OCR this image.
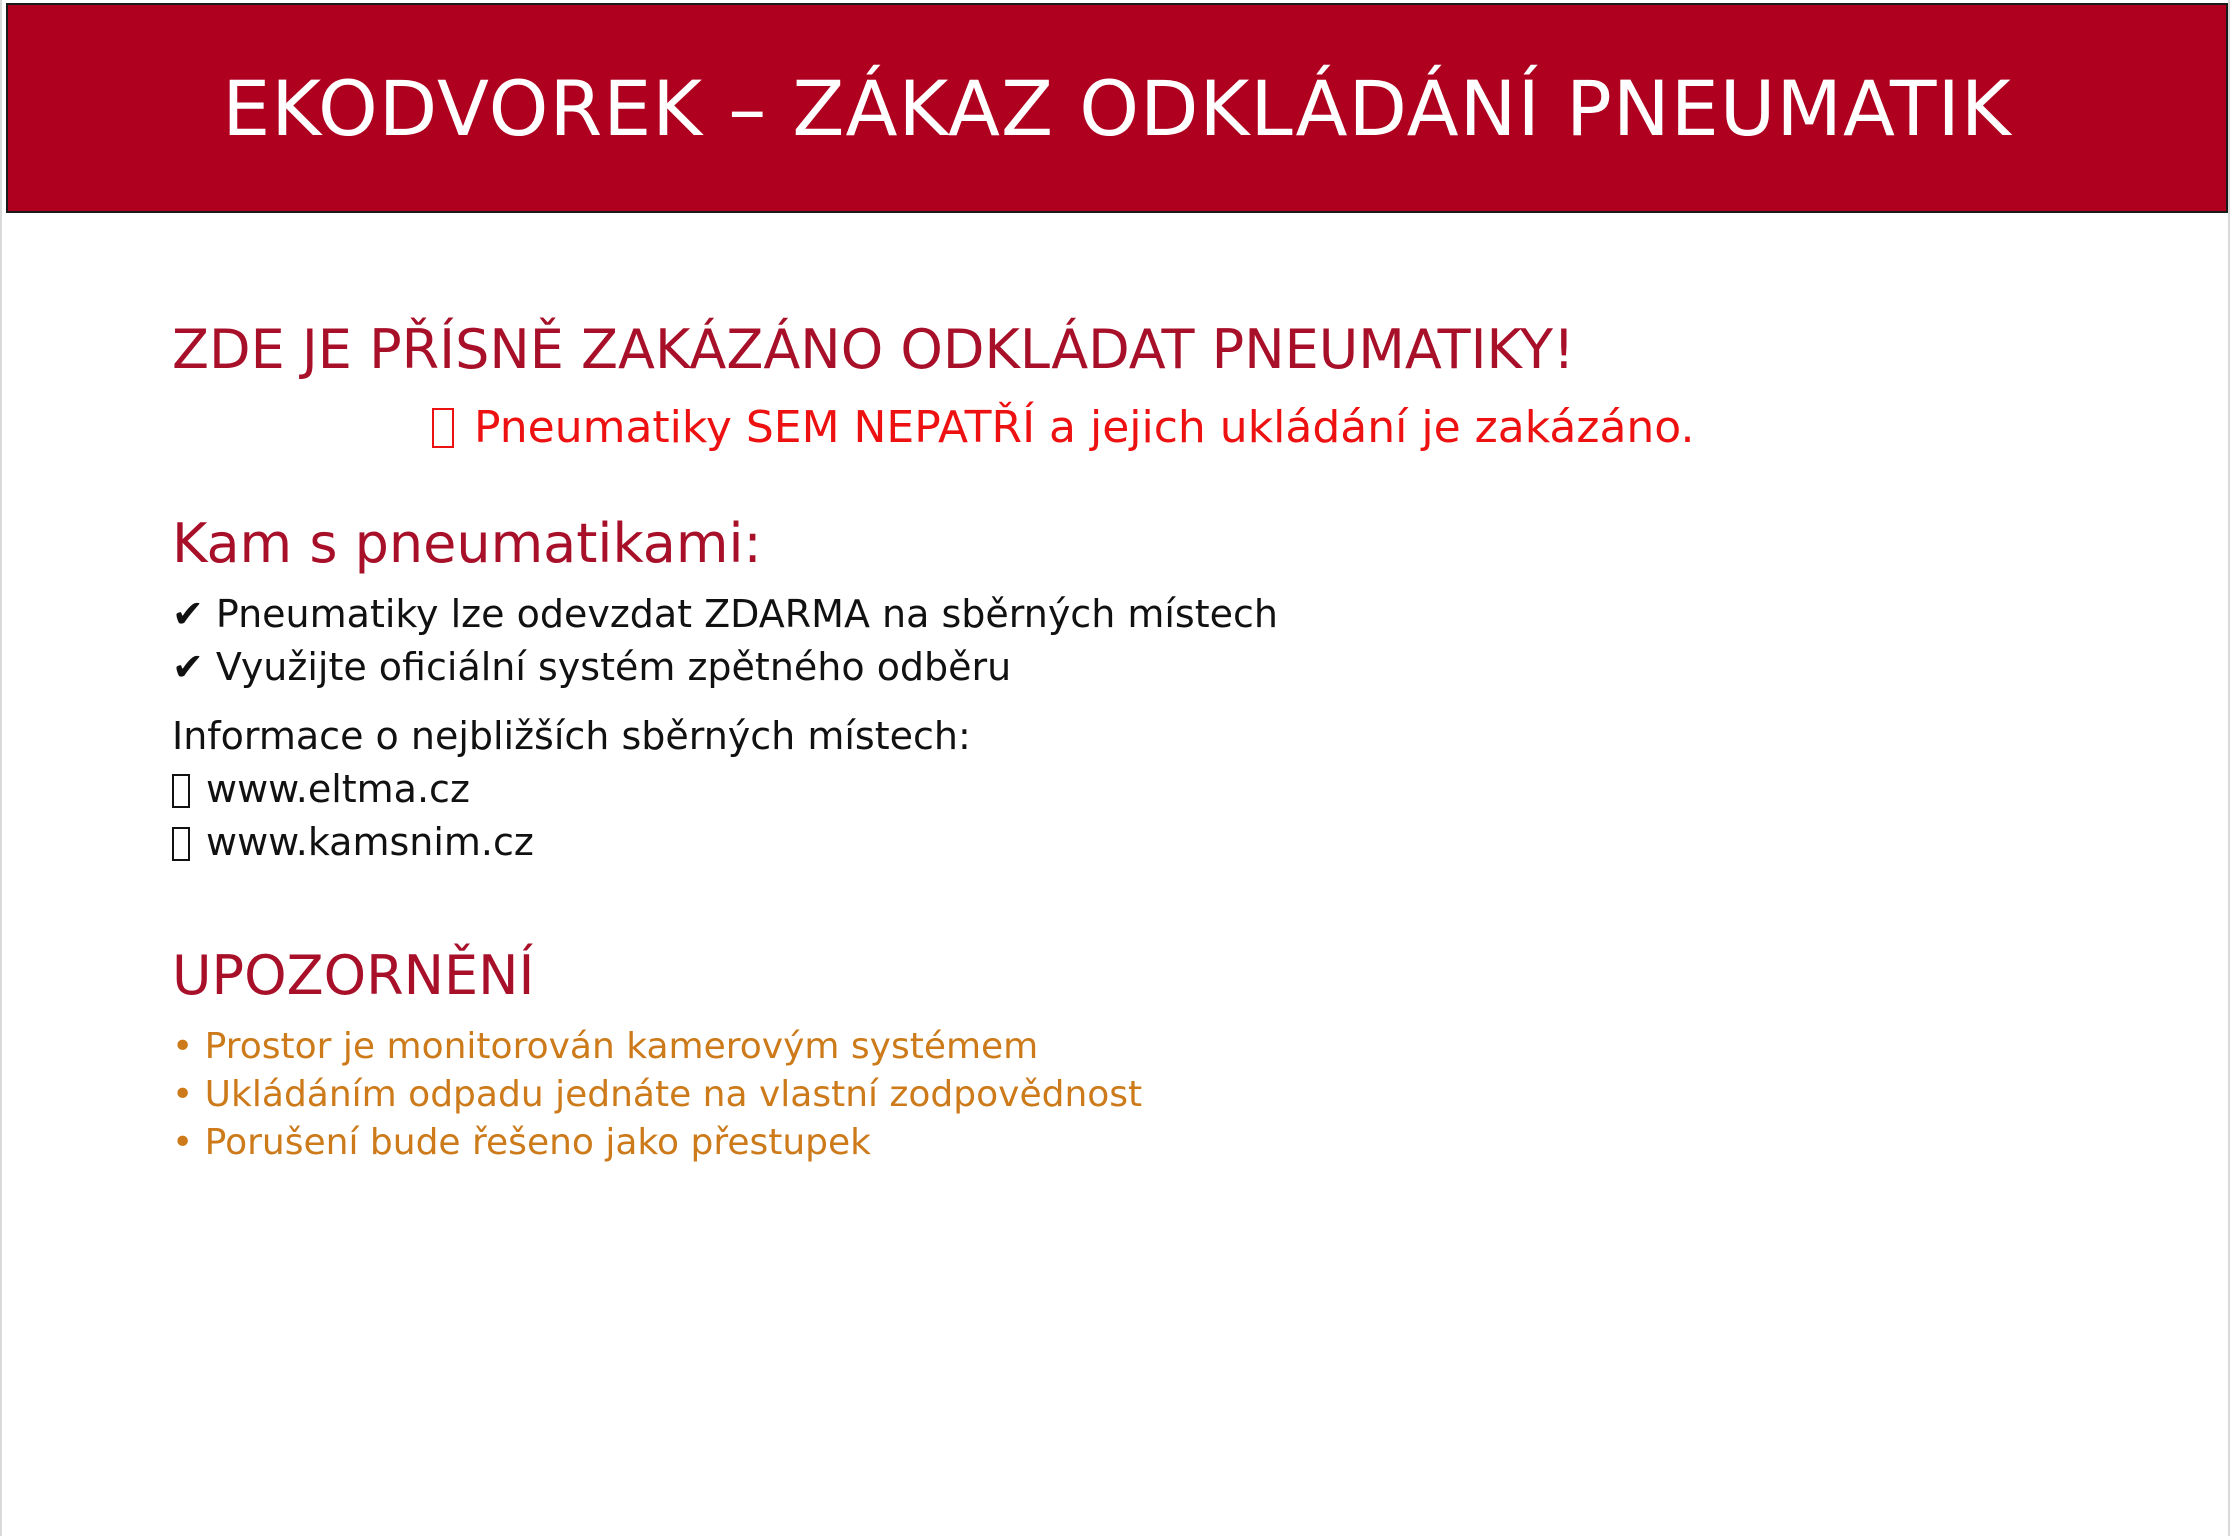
EKODVOREK – ZÁKAZ ODKLÁDÁNÍ PNEUMATIK
ZDE JE PŘÍSNĚ ZAKÁZÁNO ODKLÁDAT PNEUMATIKY!
Pneumatiky SEM NEPATŘÍ a jejich ukládání je zakázáno.
Kam s pneumatikami:
✔ Pneumatiky lze odevzdat ZDARMA na sběrných místech
✔ Využijte oficiální systém zpětného odběru
Informace o nejbližších sběrných místech:
www.eltma.cz
www.kamsnim.cz
UPOZORNĚNÍ
• Prostor je monitorován kamerovým systémem
• Ukládáním odpadu jednáte na vlastní zodpovědnost
• Porušení bude řešeno jako přestupek
